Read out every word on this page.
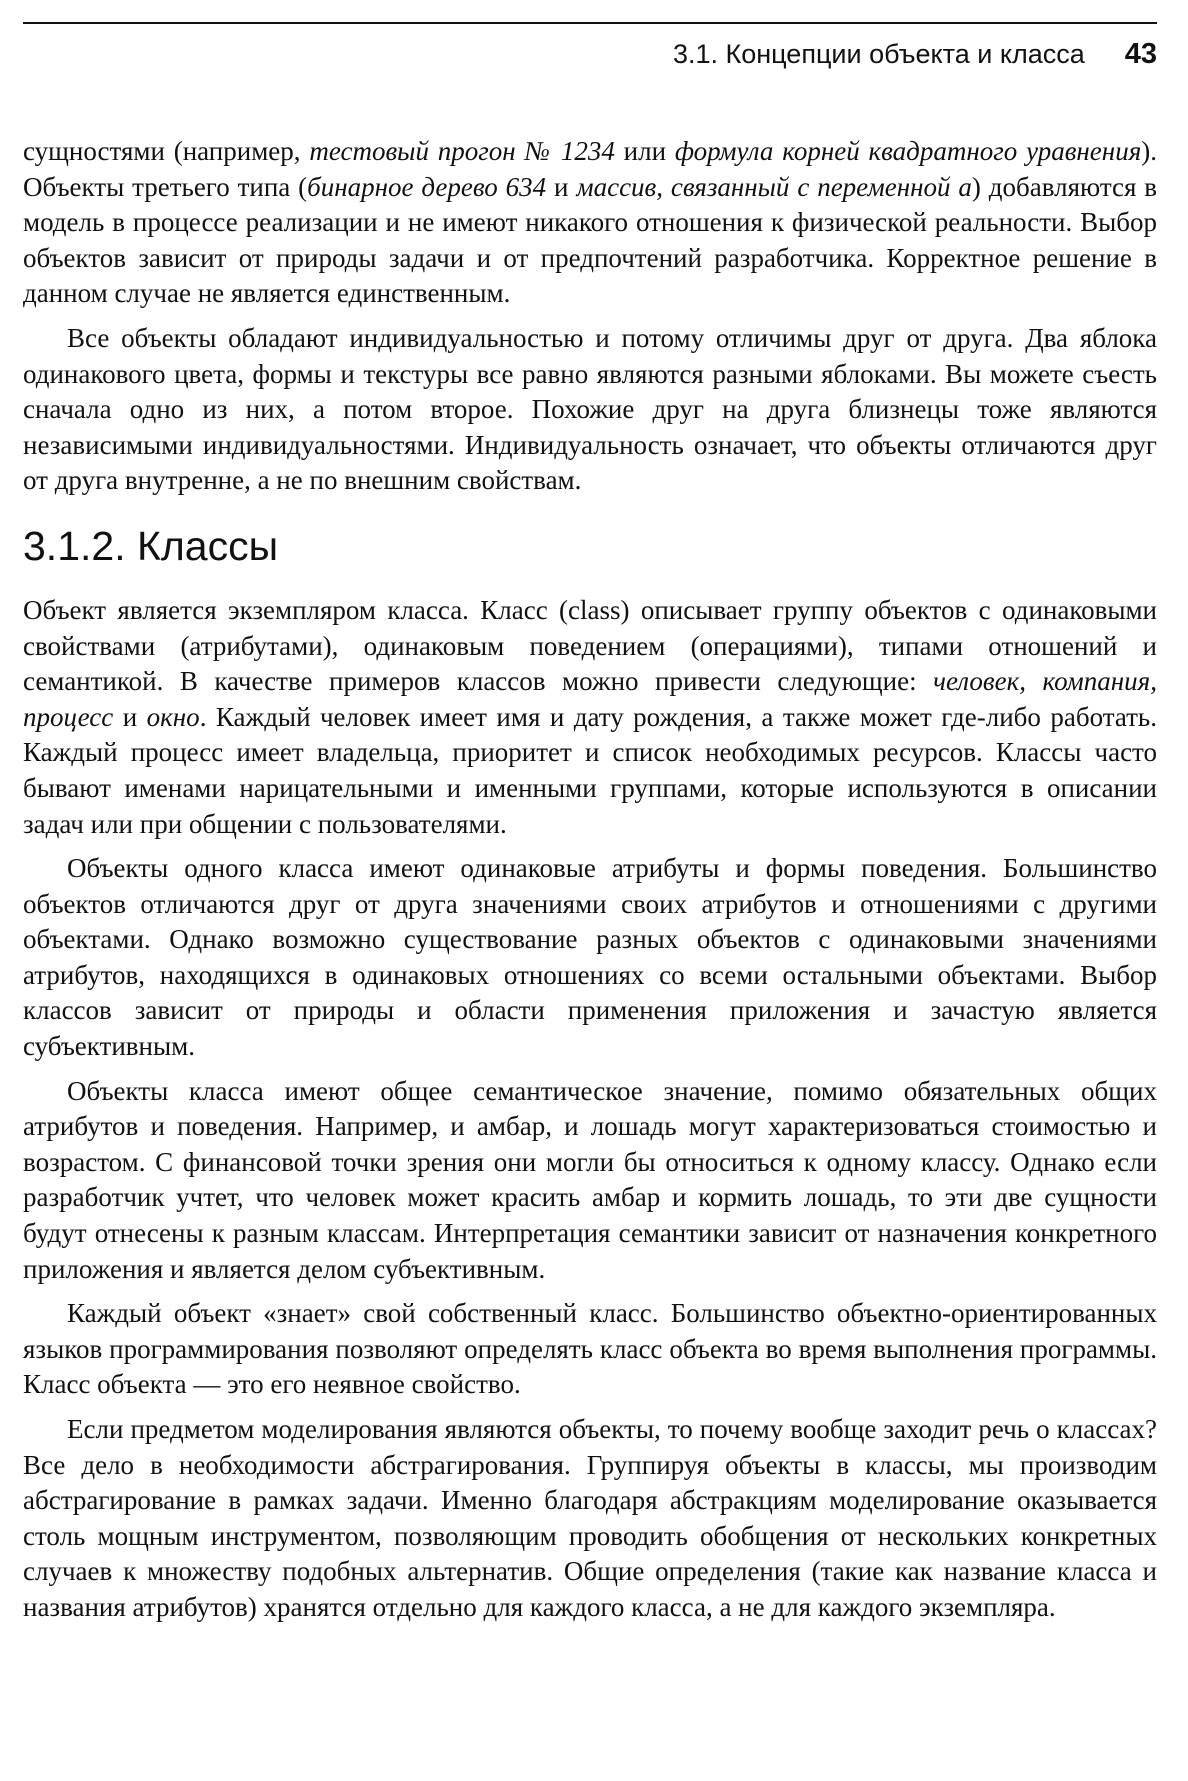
3.1. Концепции объекта и класса 43

сущностями (например, тестовый прогон № 1234 или формула корней квадратного уравнения). Объекты третьего типа (бинарное дерево 634 и массив, связанный с переменной a) добавляются в модель в процессе реализации и не имеют никакого отношения к физической реальности. Выбор объектов зависит от природы задачи и от предпочтений разработчика. Корректное решение в данном случае не является единственным.

Все объекты обладают индивидуальностью и потому отличимы друг от друга. Два яблока одинакового цвета, формы и текстуры все равно являются разными яблоками. Вы можете съесть сначала одно из них, а потом второе. Похожие друг на друга близнецы тоже являются независимыми индивидуальностями. Индивидуальность означает, что объекты отличаются друг от друга внутренне, а не по внешним свойствам.

3.1.2. Классы

Объект является экземпляром класса. Класс (class) описывает группу объектов с одинаковыми свойствами (атрибутами), одинаковым поведением (операциями), типами отношений и семантикой. В качестве примеров классов можно привести следующие: человек, компания, процесс и окно. Каждый человек имеет имя и дату рождения, а также может где-либо работать. Каждый процесс имеет владельца, приоритет и список необходимых ресурсов. Классы часто бывают именами нарицательными и именными группами, которые используются в описании задач или при общении с пользователями.

Объекты одного класса имеют одинаковые атрибуты и формы поведения. Большинство объектов отличаются друг от друга значениями своих атрибутов и отношениями с другими объектами. Однако возможно существование разных объектов с одинаковыми значениями атрибутов, находящихся в одинаковых отношениях со всеми остальными объектами. Выбор классов зависит от природы и области применения приложения и зачастую является субъективным.

Объекты класса имеют общее семантическое значение, помимо обязательных общих атрибутов и поведения. Например, и амбар, и лошадь могут характеризоваться стоимостью и возрастом. С финансовой точки зрения они могли бы относиться к одному классу. Однако если разработчик учтет, что человек может красить амбар и кормить лошадь, то эти две сущности будут отнесены к разным классам. Интерпретация семантики зависит от назначения конкретного приложения и является делом субъективным.

Каждый объект «знает» свой собственный класс. Большинство объектно-ориентированных языков программирования позволяют определять класс объекта во время выполнения программы. Класс объекта — это его неявное свойство.

Если предметом моделирования являются объекты, то почему вообще заходит речь о классах? Все дело в необходимости абстрагирования. Группируя объекты в классы, мы производим абстрагирование в рамках задачи. Именно благодаря абстракциям моделирование оказывается столь мощным инструментом, позволяющим проводить обобщения от нескольких конкретных случаев к множеству подобных альтернатив. Общие определения (такие как название класса и названия атрибутов) хранятся отдельно для каждого класса, а не для каждого экземпляра.
